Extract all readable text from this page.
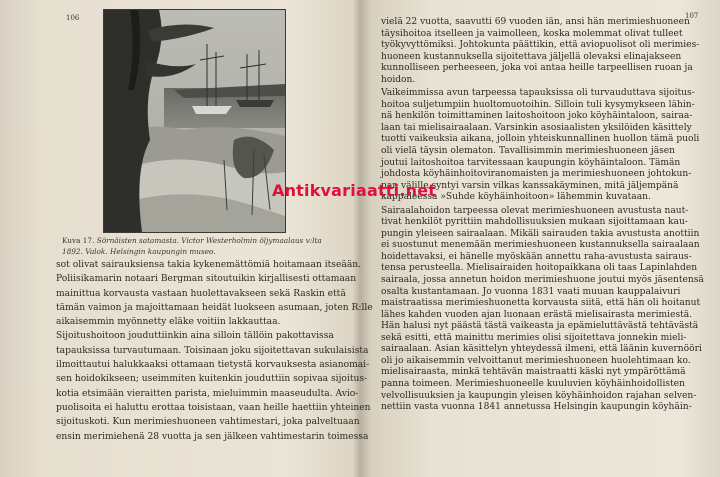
106
Kuva 17. Sörnäisten satamasta. Victor Westerholmin öljymaalaus v:lta 1892. Valok. Helsingin kaupungin museo.
sot olivat sairauksiensa takia kykenemättömiä hoitamaan itseään.
Poliisikamarin notaari Bergman sitoutuikin kirjallisesti ottamaan
mainittua korvausta vastaan huolettavakseen sekä Raskin että
tämän vaimon ja majoittamaan heidät luokseen asumaan, joten R:lle
aikaisemmin myönnetty eläke voitiin lakkauttaa.
Sijoitushoitoon jouduttiinkin aina silloin tällöin pakottavissa
tapauksissa turvautumaan. Toisinaan joku sijoitettavan sukulaisista
ilmoittautui halukkaaksi ottamaan tietystä korvauksesta asianomai-
sen hoidokikseen; useimmiten kuitenkin jouduttiin sopivaa sijoitus-
kotia etsimään vieraitten parista, mieluimmin maaseudulta. Avio-
puolisoita ei haluttu erottaa toisistaan, vaan heille haettiin yhteinen
sijoituskoti. Kun merimieshuoneen vahtimestari, joka palveltuaan
ensin merimiehenä 28 vuotta ja sen jälkeen vahtimestarin toimessa
107
vielä 22 vuotta, saavutti 69 vuoden iän, ansi hän merimieshuoneen
täysihoitoa itselleen ja vaimolleen, koska molemmat olivat tulleet
työkyvyttömiksi. Johtokunta päättikin, että aviopuolisot oli merimies-
huoneen kustannuksella sijoitettava jäljellä olevaksi elinajakseen
kunnolliseen perheeseen, joka voi antaa heille tarpeellisen ruoan ja
hoidon.
Vaikeimmissa avun tarpeessa tapauksissa oli turvauduttava sijoitus-
hoitoa suljetumpiin huoltomuotoihin. Silloin tuli kysymykseen lähin-
nä henkilön toimittaminen laitoshoitoon joko köyhäintaloon, sairaa-
laan tai mielisairaalaan. Varsinkin asosiaalisten yksilöiden käsittely
tuotti vaikeuksia aikana, jolloin yhteiskunnallinen huollon tämä puoli
oli vielä täysin olematon. Tavallisimmin merimieshuoneen jäsen
joutui laitoshoitoa tarvitessaan kaupungin köyhäintaloon. Tämän
johdosta köyhäinhoitoviranomaisten ja merimieshuoneen johtokun-
nan välille syntyi varsin vilkas kanssakäyminen, mitä jäljempänä
kappaleessa »Suhde köyhäinhoitoon» lähemmin kuvataan.
Sairaalahoidon tarpeessa olevat merimieshuoneen avustusta naut-
tivat henkilöt pyrittiin mahdollisuuksien mukaan sijoittamaan kau-
pungin yleiseen sairaalaan. Mikäli sairauden takia avustusta anottiin
ei suostunut menemään merimieshuoneen kustannuksella sairaalaan
hoidettavaksi, ei hänelle myöskään annettu raha-avustusta sairaus-
tensa perusteella. Mielisairaiden hoitopaikkana oli taas Lapinlahden
sairaala, jossa annetun hoidon merimieshuone joutui myös jäsentensä
osalta kustantamaan. Jo vuonna 1831 vaati muuan kauppalaivuri
maistraatissa merimieshuonetta korvausta siitä, että hän oli hoitanut
lähes kahden vuoden ajan luonaan erästä mielisairasta merimiestä.
Hän halusi nyt päästä tästä vaikeasta ja epämieluttävästä tehtävästä
sekä esitti, että mainittu merimies olisi sijoitettava jonnekin mieli-
sairaalaan. Asian käsittelyn yhteydessä ilmeni, että läänin kuvernööri
oli jo aikaisemmin velvoittanut merimieshuoneen huolehtimaan ko.
mielisairaasta, minkä tehtävän maistraatti käski nyt ympäröttämä
panna toimeen. Merimieshuoneelle kuuluvien köyhäinhoidollisten
velvollisuuksien ja kaupungin yleisen köyhäinhoidon rajahan selven-
nettiin vasta vuonna 1841 annetussa Helsingin kaupungin köyhäin-
Antikvariaatti.net
